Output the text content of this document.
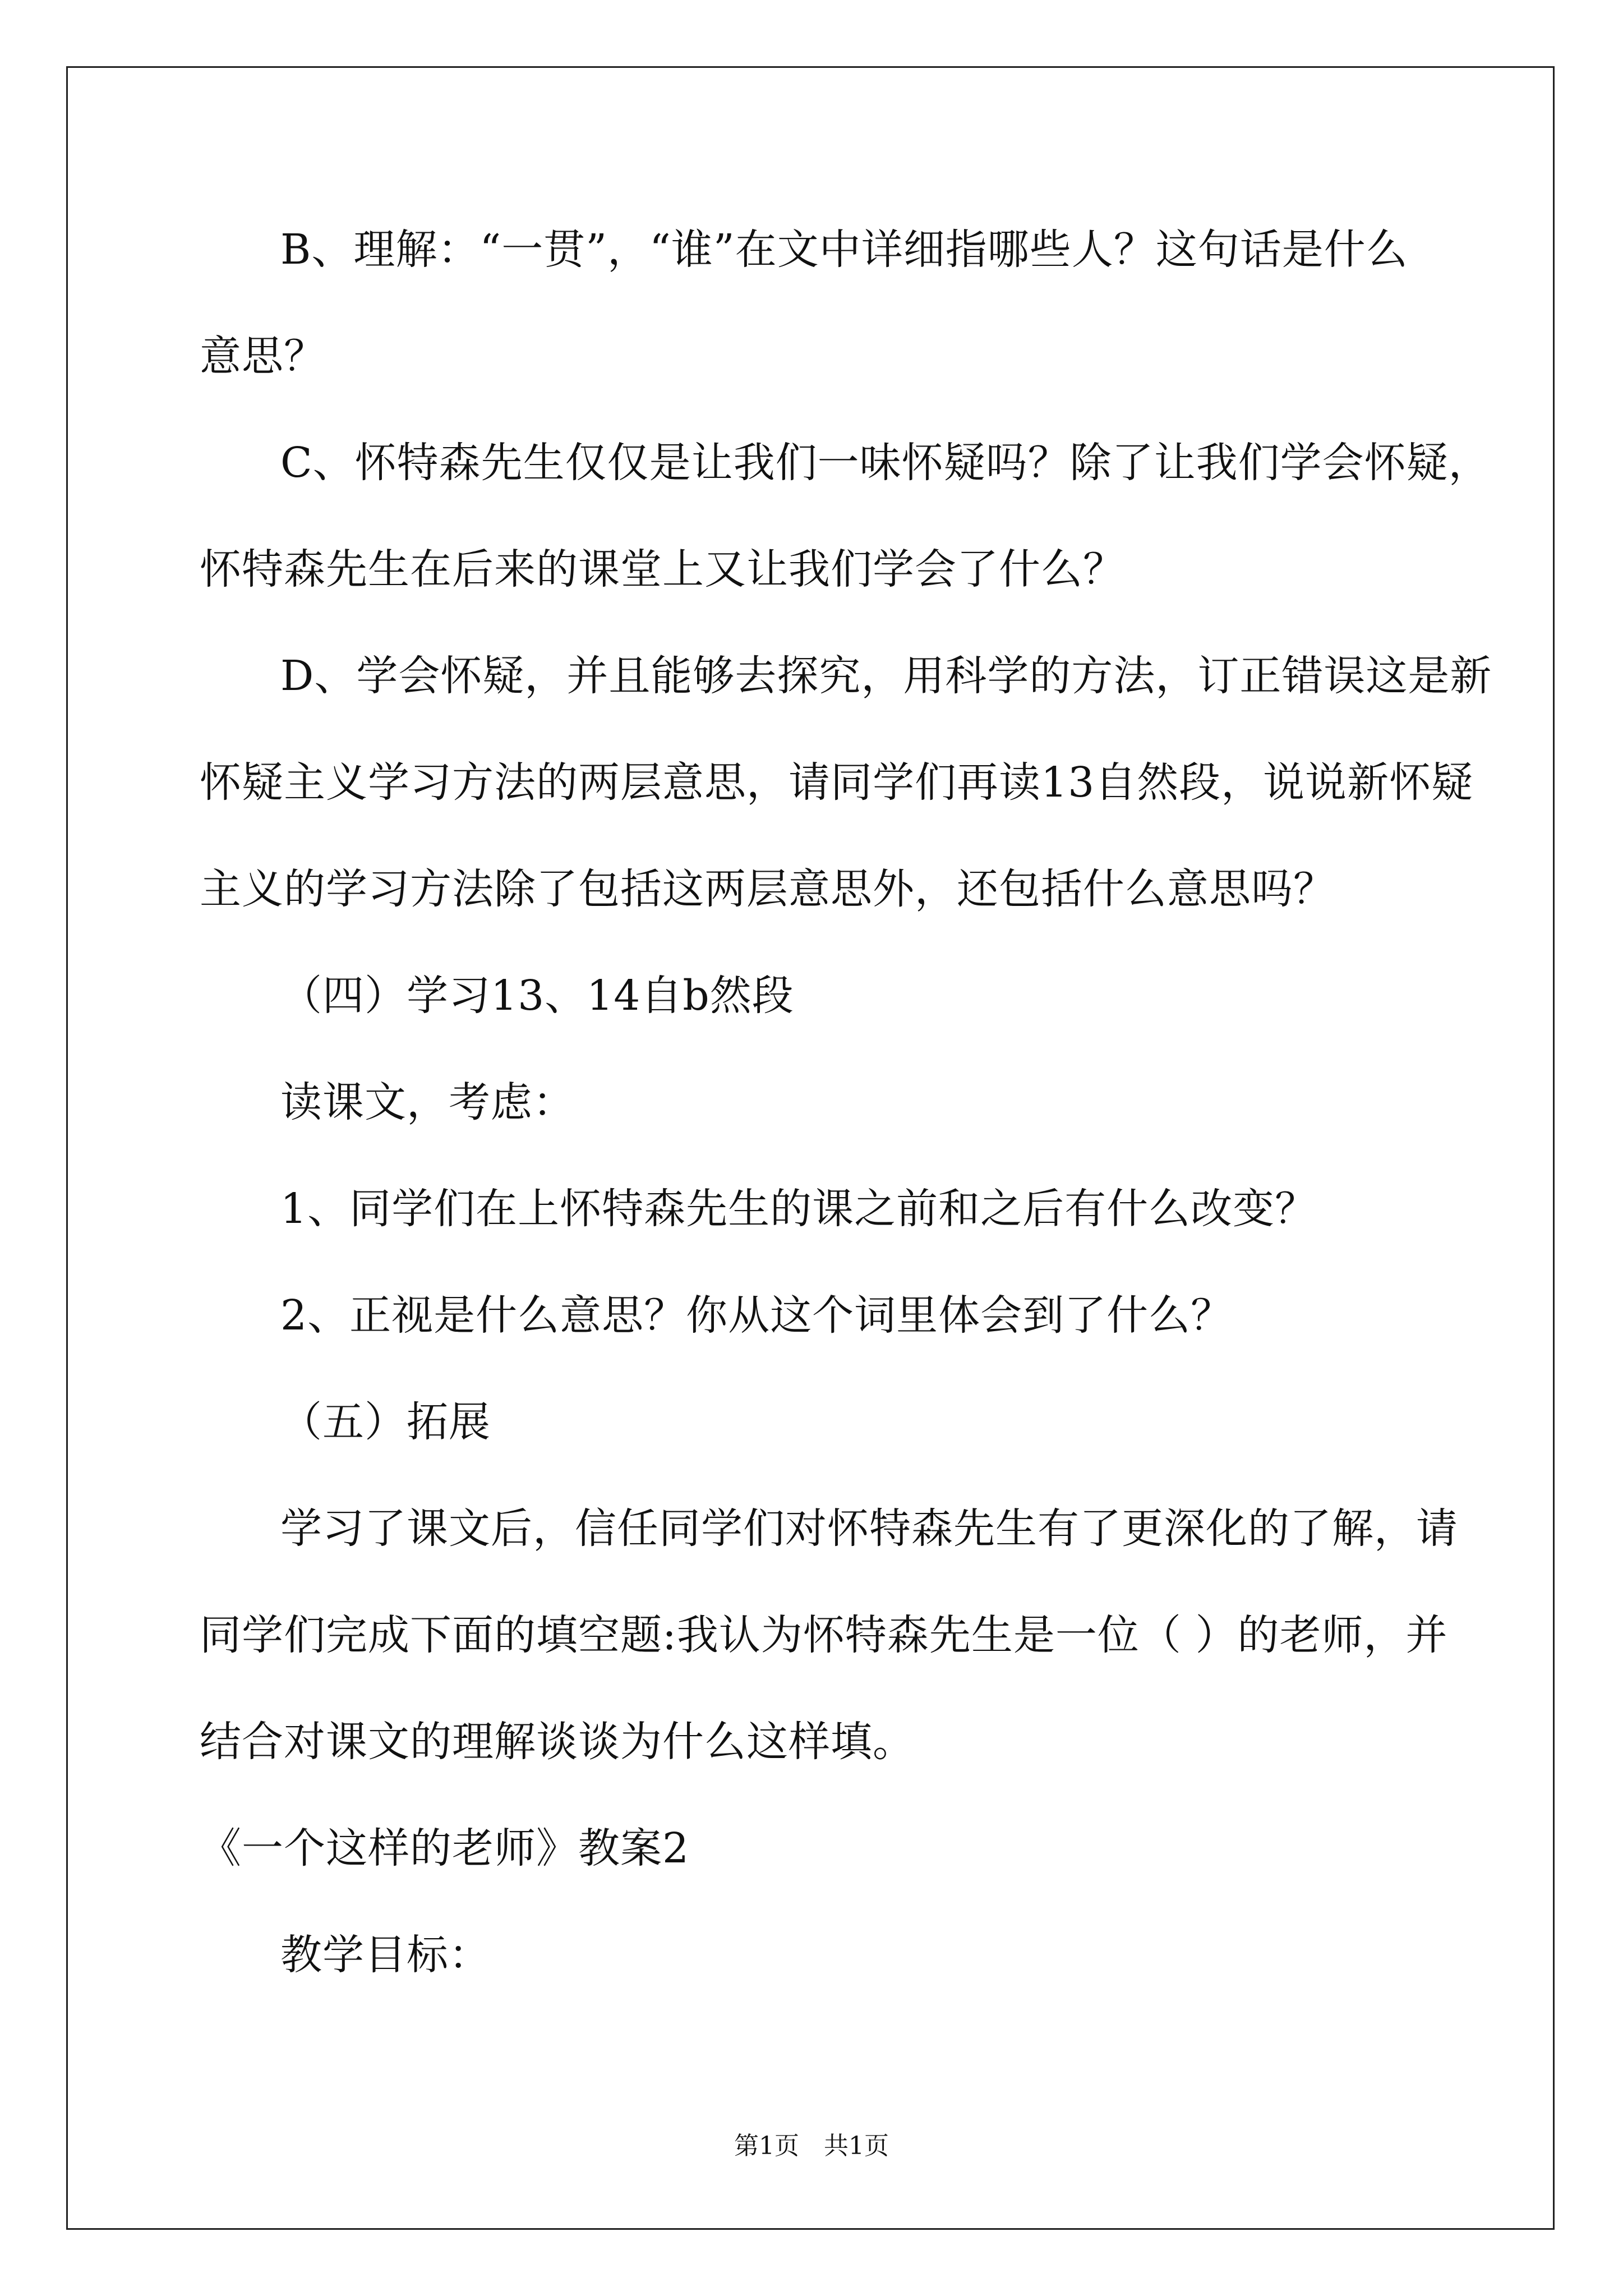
B、理解：“一贯”，“谁”在文中详细指哪些人？这句话是什么
意思？
C、怀特森先生仅仅是让我们一味怀疑吗？除了让我们学会怀疑，
怀特森先生在后来的课堂上又让我们学会了什么？
D、学会怀疑，并且能够去探究，用科学的方法，订正错误这是新
怀疑主义学习方法的两层意思，请同学们再读13自然段，说说新怀疑
主义的学习方法除了包括这两层意思外，还包括什么意思吗？
（四）学习13、14自b然段
读课文，考虑：
1、同学们在上怀特森先生的课之前和之后有什么改变？
2、正视是什么意思？你从这个词里体会到了什么？
（五）拓展
学习了课文后，信任同学们对怀特森先生有了更深化的了解，请
同学们完成下面的填空题:我认为怀特森先生是一位（ ）的老师，并
结合对课文的理解谈谈为什么这样填。
《一个这样的老师》教案2
教学目标：
第1页　共1页
